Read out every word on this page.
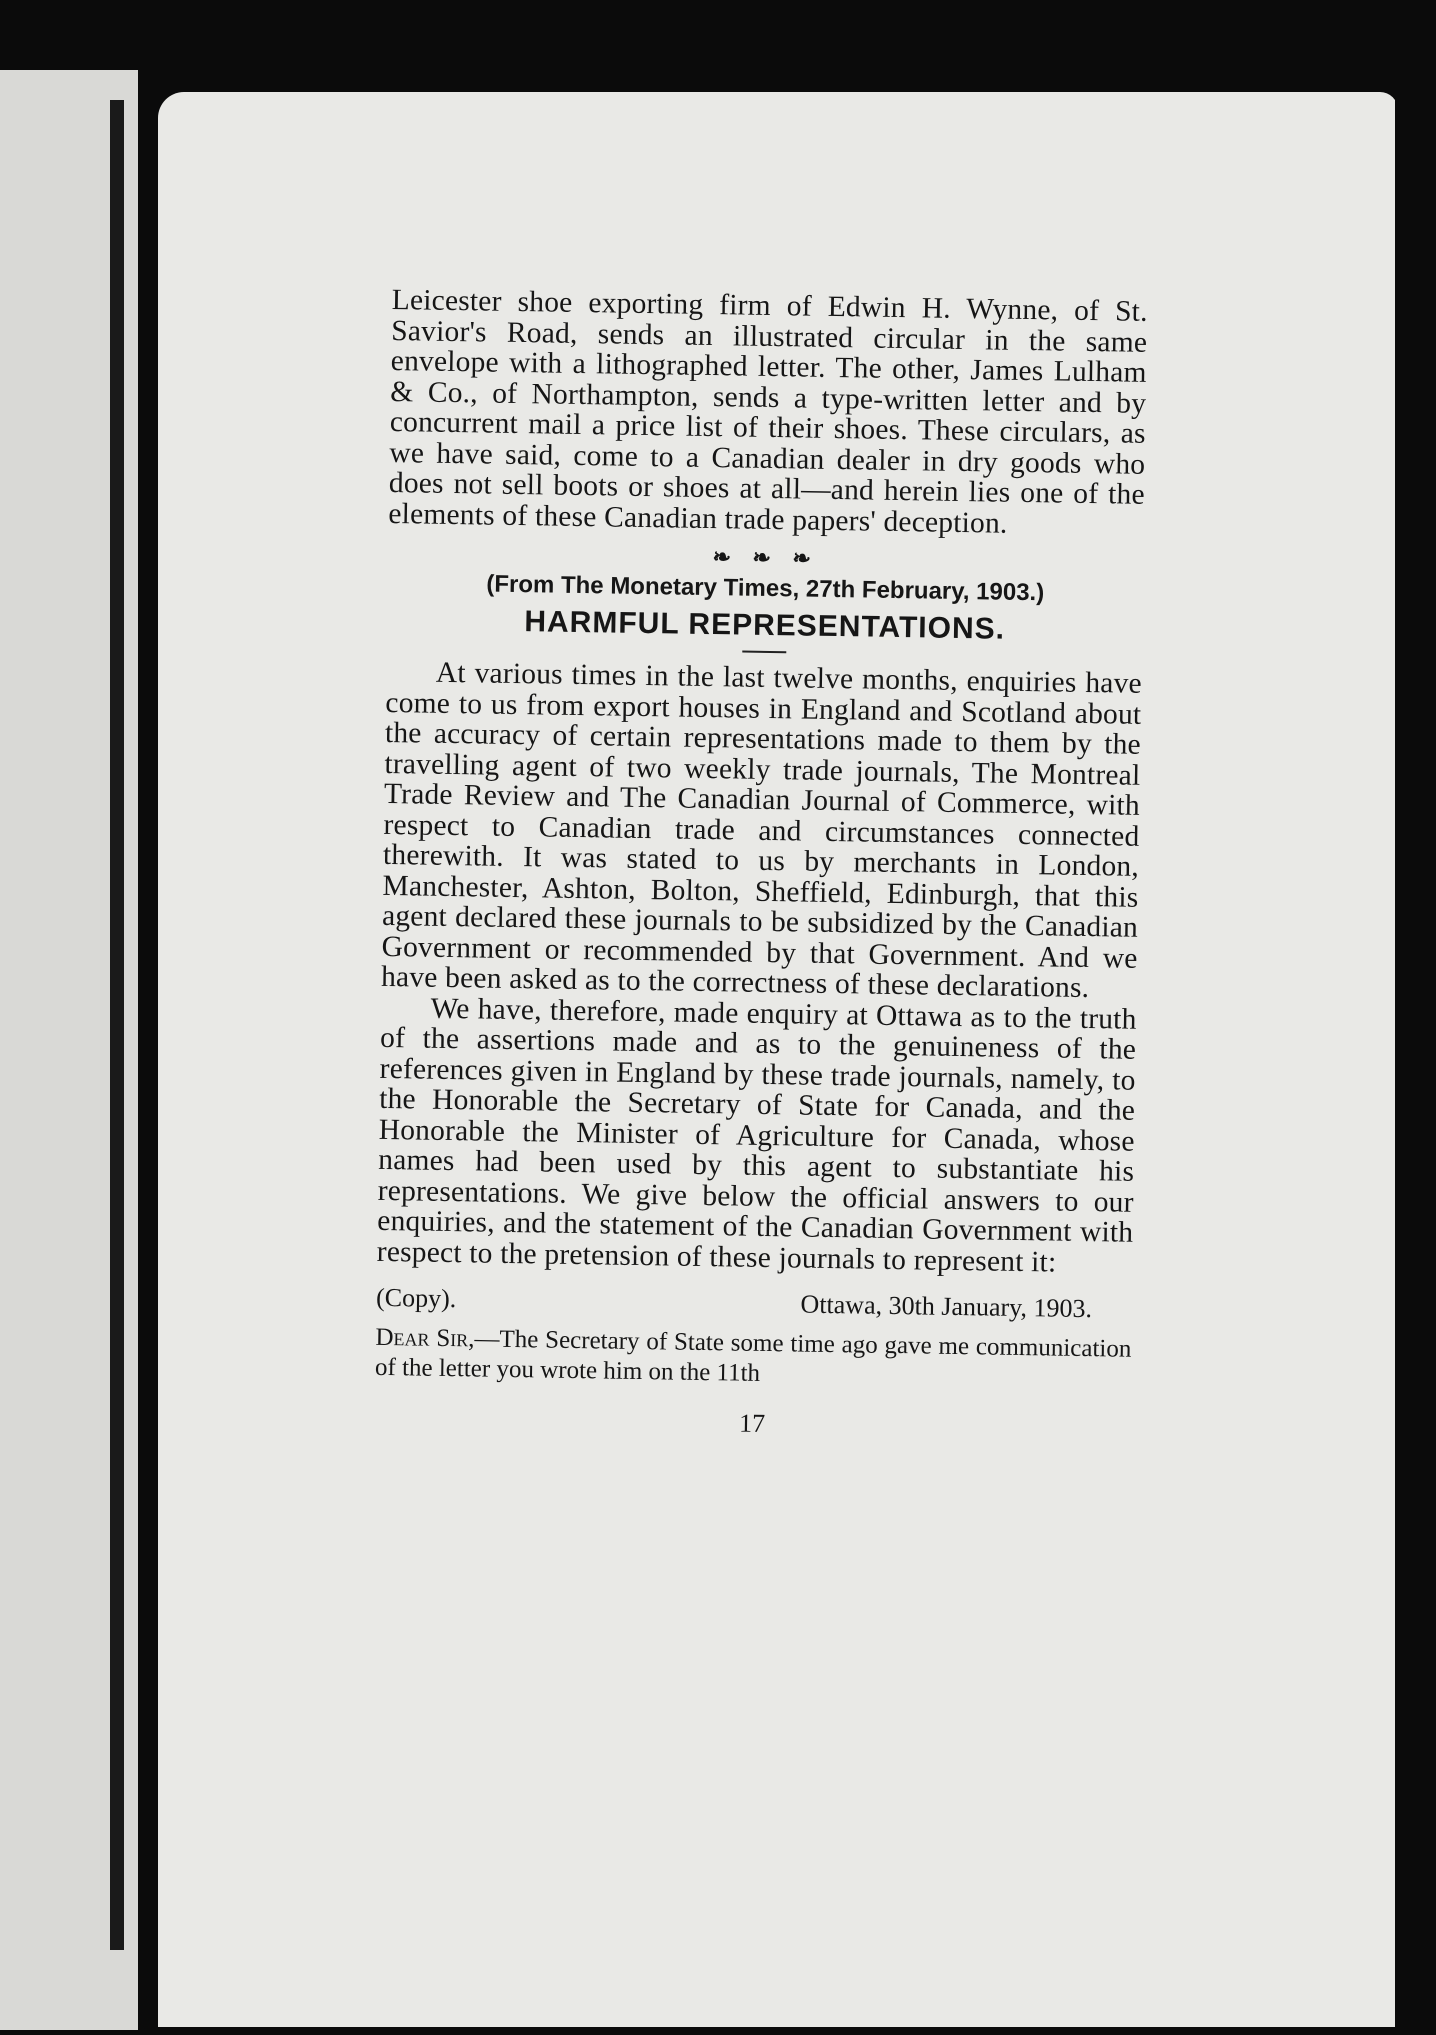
Leicester shoe exporting firm of Edwin H. Wynne, of St. Savior's Road, sends an illustrated circular in the same envelope with a lithographed letter. The other, James Lulham & Co., of Northampton, sends a type-written letter and by concurrent mail a price list of their shoes. These circulars, as we have said, come to a Canadian dealer in dry goods who does not sell boots or shoes at all—and herein lies one of the elements of these Canadian trade papers' deception.

❧ ❧ ❧
(From The Monetary Times, 27th February, 1903.)
HARMFUL REPRESENTATIONS.

At various times in the last twelve months, enquiries have come to us from export houses in England and Scotland about the accuracy of certain representations made to them by the travelling agent of two weekly trade journals, The Montreal Trade Review and The Canadian Journal of Commerce, with respect to Canadian trade and circumstances connected therewith. It was stated to us by merchants in London, Manchester, Ashton, Bolton, Sheffield, Edinburgh, that this agent declared these journals to be subsidized by the Canadian Government or recommended by that Government. And we have been asked as to the correctness of these declarations.

We have, therefore, made enquiry at Ottawa as to the truth of the assertions made and as to the genuineness of the references given in England by these trade journals, namely, to the Honorable the Secretary of State for Canada, and the Honorable the Minister of Agriculture for Canada, whose names had been used by this agent to substantiate his representations. We give below the official answers to our enquiries, and the statement of the Canadian Government with respect to the pretension of these journals to represent it:

(Copy).	Ottawa, 30th January, 1903.

Dear Sir,—The Secretary of State some time ago gave me communication of the letter you wrote him on the 11th

17
